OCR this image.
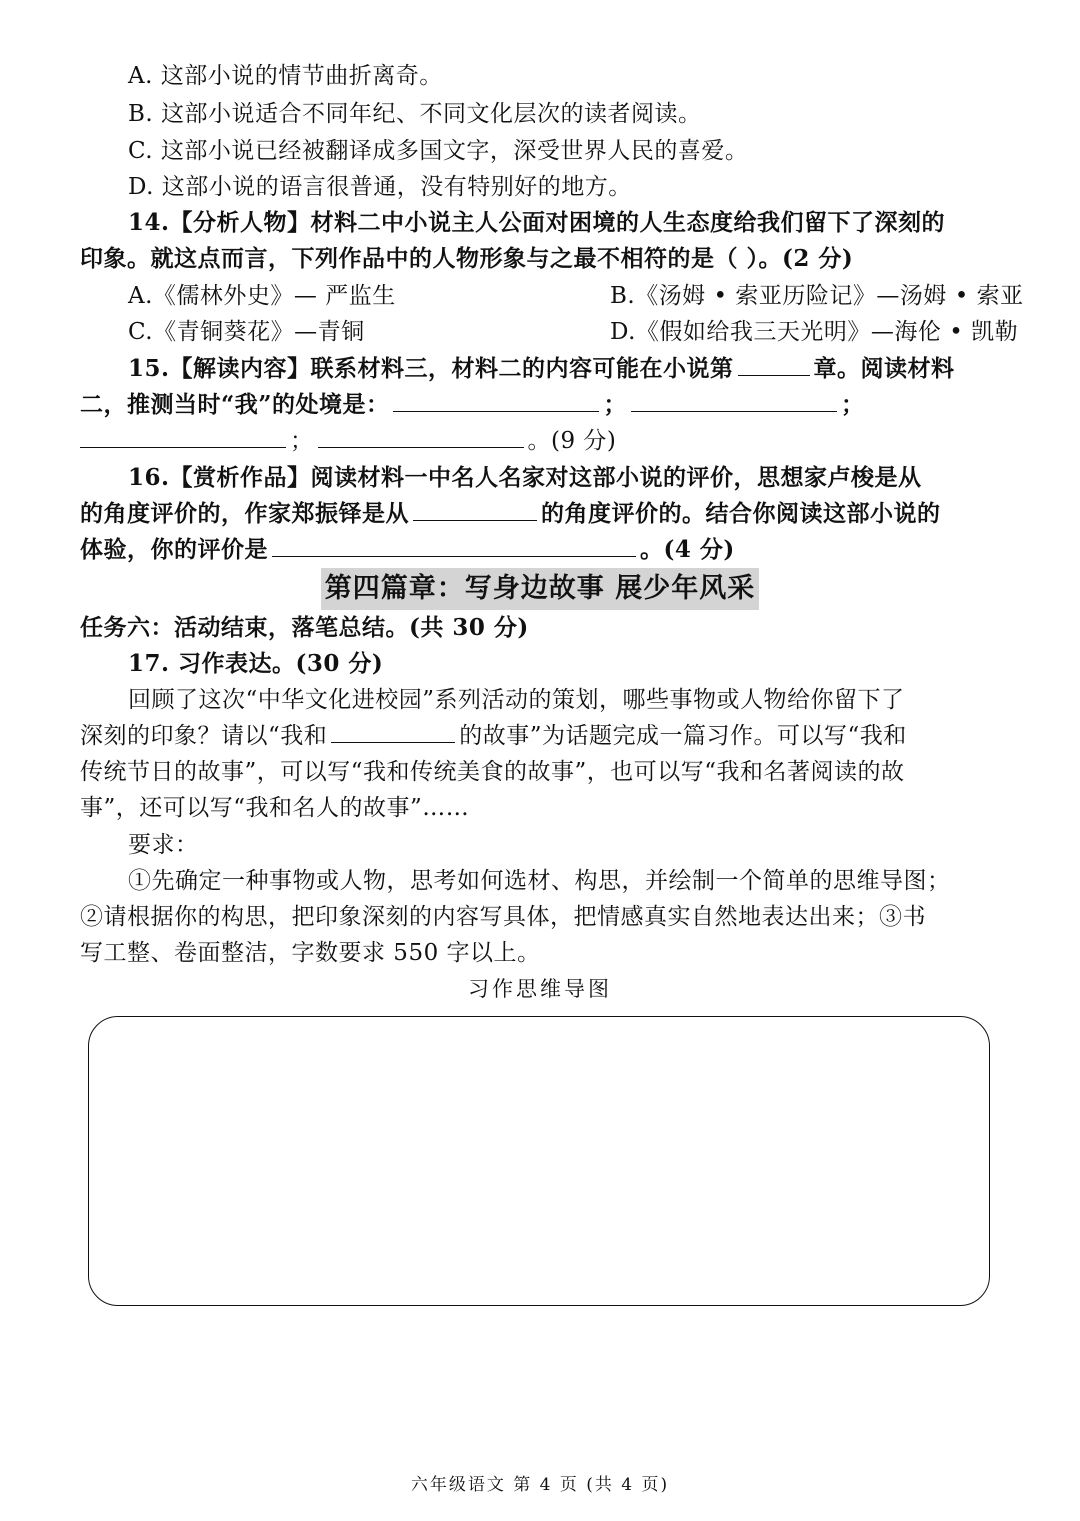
A. 这部小说的情节曲折离奇。
B. 这部小说适合不同年纪、不同文化层次的读者阅读。
C. 这部小说已经被翻译成多国文字，深受世界人民的喜爱。
D. 这部小说的语言很普通，没有特别好的地方。
14.【分析人物】材料二中小说主人公面对困境的人生态度给我们留下了深刻的
印象。就这点而言，下列作品中的人物形象与之最不相符的是（ ）。(2 分)
A.《儒林外史》— 严监生	B.《汤姆 • 索亚历险记》—汤姆 • 索亚
C.《青铜葵花》—青铜	D.《假如给我三天光明》—海伦 • 凯勒
15.【解读内容】联系材料三，材料二的内容可能在小说第	章。阅读材料
二，推测当时“我”的处境是：	；	；
；	。(9 分)
16.【赏析作品】阅读材料一中名人名家对这部小说的评价，思想家卢梭是从
的角度评价的，作家郑振铎是从	的角度评价的。结合你阅读这部小说的
体验，你的评价是	。(4 分)
第四篇章：写身边故事 展少年风采
任务六：活动结束，落笔总结。(共 30 分)
17. 习作表达。(30 分)
回顾了这次“中华文化进校园”系列活动的策划，哪些事物或人物给你留下了
深刻的印象？请以“我和	的故事”为话题完成一篇习作。可以写“我和
传统节日的故事”，可以写“我和传统美食的故事”，也可以写“我和名著阅读的故
事”，还可以写“我和名人的故事”……
要求：
①先确定一种事物或人物，思考如何选材、构思，并绘制一个简单的思维导图；
②请根据你的构思，把印象深刻的内容写具体，把情感真实自然地表达出来；③书
写工整、卷面整洁，字数要求 550 字以上。
习作思维导图
六年级语文 第 4 页 (共 4 页)
